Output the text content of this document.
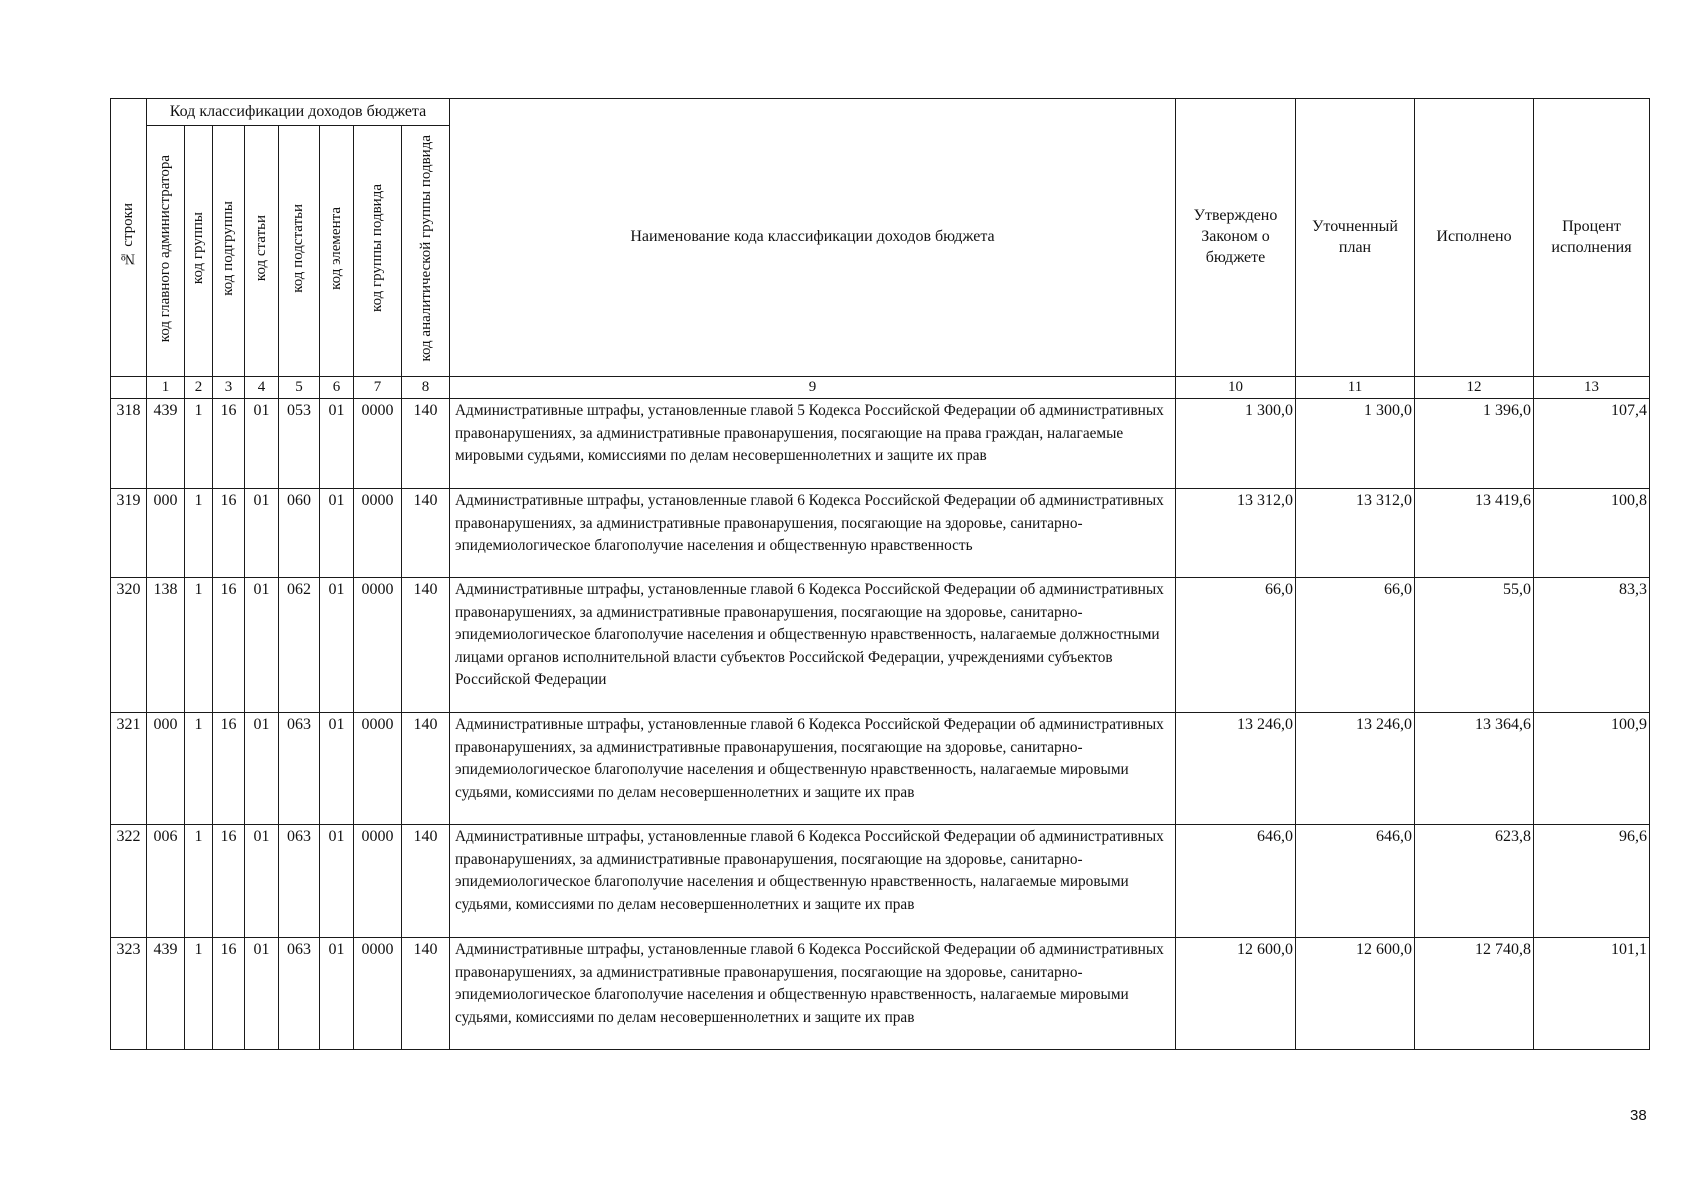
№ строки	Код классификации доходов бюджета								Наименование кода классификации доходов бюджета	Утверждено Законом о бюджете	Уточненный план	Исполнено	Процент исполнения
	код главного администратора	код группы	код подгруппы	код статьи	код подстатьи	код элемента	код группы подвида	код аналитической группы подвида					
	1	2	3	4	5	6	7	8	9	10	11	12	13
318	439	1	16	01	053	01	0000	140	Административные штрафы, установленные главой 5 Кодекса Российской Федерации об административных правонарушениях, за административные правонарушения, посягающие на права граждан, налагаемые мировыми судьями, комиссиями по делам несовершеннолетних и защите их прав	1 300,0	1 300,0	1 396,0	107,4
319	000	1	16	01	060	01	0000	140	Административные штрафы, установленные главой 6 Кодекса Российской Федерации об административных правонарушениях, за административные правонарушения, посягающие на здоровье, санитарно-эпидемиологическое благополучие населения и общественную нравственность	13 312,0	13 312,0	13 419,6	100,8
320	138	1	16	01	062	01	0000	140	Административные штрафы, установленные главой 6 Кодекса Российской Федерации об административных правонарушениях, за административные правонарушения, посягающие на здоровье, санитарно-эпидемиологическое благополучие населения и общественную нравственность, налагаемые должностными лицами органов исполнительной власти субъектов Российской Федерации, учреждениями субъектов Российской Федерации	66,0	66,0	55,0	83,3
321	000	1	16	01	063	01	0000	140	Административные штрафы, установленные главой 6 Кодекса Российской Федерации об административных правонарушениях, за административные правонарушения, посягающие на здоровье, санитарно-эпидемиологическое благополучие населения и общественную нравственность, налагаемые мировыми судьями, комиссиями по делам несовершеннолетних и защите их прав	13 246,0	13 246,0	13 364,6	100,9
322	006	1	16	01	063	01	0000	140	Административные штрафы, установленные главой 6 Кодекса Российской Федерации об административных правонарушениях, за административные правонарушения, посягающие на здоровье, санитарно-эпидемиологическое благополучие населения и общественную нравственность, налагаемые мировыми судьями, комиссиями по делам несовершеннолетних и защите их прав	646,0	646,0	623,8	96,6
323	439	1	16	01	063	01	0000	140	Административные штрафы, установленные главой 6 Кодекса Российской Федерации об административных правонарушениях, за административные правонарушения, посягающие на здоровье, санитарно-эпидемиологическое благополучие населения и общественную нравственность, налагаемые мировыми судьями, комиссиями по делам несовершеннолетних и защите их прав	12 600,0	12 600,0	12 740,8	101,1
38
